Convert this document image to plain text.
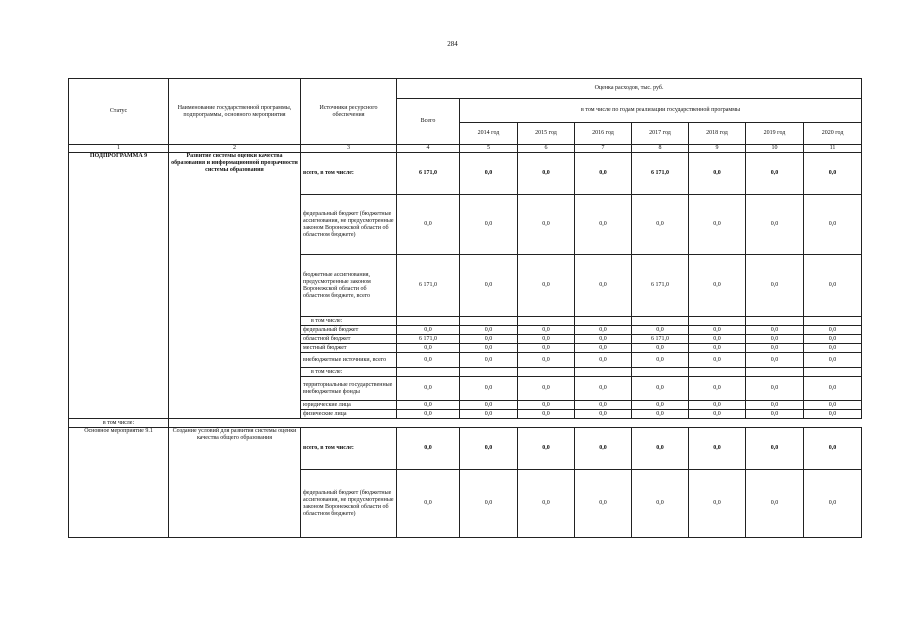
284
Статус	Наименование государственной программы, подпрограммы, основного мероприятия	Источники ресурсного обеспечения	Оценка расходов, тыс. руб.							
			Всего	в том числе по годам реализации государственной программы						
				2014 год	2015 год	2016 год	2017 год	2018 год	2019 год	2020 год
1	2	3	4	5	6	7	8	9	10	11
ПОДПРОГРАММА 9	Развитие системы оценки качества образования и информационной прозрачности системы образования	всего, в том числе:	6 171,0	0,0	0,0	0,0	6 171,0	0,0	0,0	0,0
		федеральный бюджет (бюджетные ассигнования, не предусмотренные законом Воронежской области об областном бюджете)	0,0	0,0	0,0	0,0	0,0	0,0	0,0	0,0
		бюджетные ассигнования, предусмотренные законом Воронежской области об областном бюджете, всего	6 171,0	0,0	0,0	0,0	6 171,0	0,0	0,0	0,0
		в том числе:								
		федеральный бюджет	0,0	0,0	0,0	0,0	0,0	0,0	0,0	0,0
		областной бюджет	6 171,0	0,0	0,0	0,0	6 171,0	0,0	0,0	0,0
		местный бюджет	0,0	0,0	0,0	0,0	0,0	0,0	0,0	0,0
		внебюджетные источники, всего	0,0	0,0	0,0	0,0	0,0	0,0	0,0	0,0
		в том числе:								
		территориальные государственные внебюджетные фонды	0,0	0,0	0,0	0,0	0,0	0,0	0,0	0,0
		юридические лица	0,0	0,0	0,0	0,0	0,0	0,0	0,0	0,0
		физические лица	0,0	0,0	0,0	0,0	0,0	0,0	0,0	0,0
в том числе:										
Основное мероприятие 9.1	Создание условий для развития системы оценки качества общего образования	всего, в том числе:	0,0	0,0	0,0	0,0	0,0	0,0	0,0	0,0
		федеральный бюджет (бюджетные ассигнования, не предусмотренные законом Воронежской области об областном бюджете)	0,0	0,0	0,0	0,0	0,0	0,0	0,0	0,0
